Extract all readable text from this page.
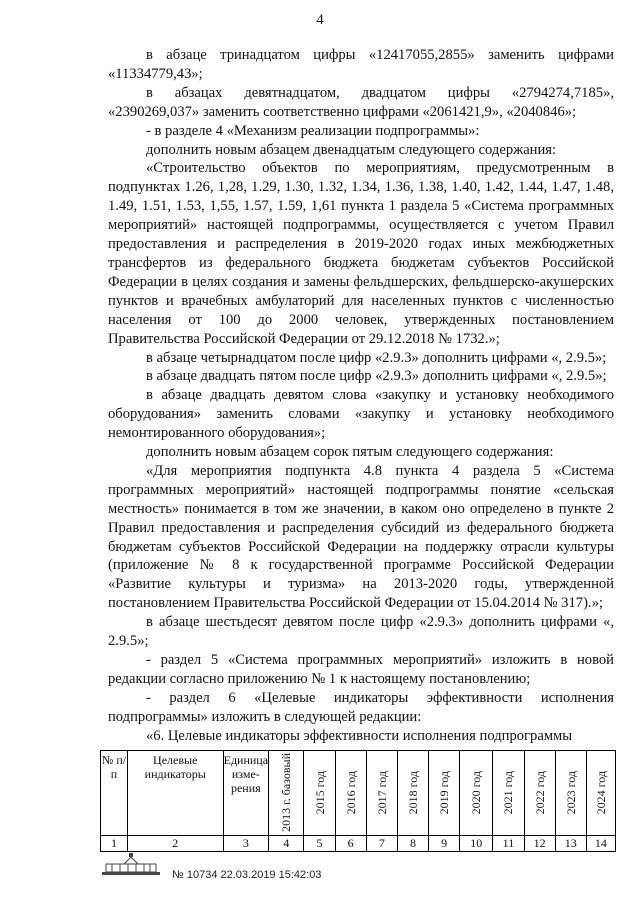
4

в абзаце тринадцатом цифры «12417055,2855» заменить цифрами «11334779,43»;

в абзацах девятнадцатом, двадцатом цифры «2794274,7185», «2390269,037» заменить соответственно цифрами «2061421,9», «2040846»;

- в разделе 4 «Механизм реализации подпрограммы»:

дополнить новым абзацем двенадцатым следующего содержания:

«Строительство объектов по мероприятиям, предусмотренным в подпунктах 1.26, 1,28, 1.29, 1.30, 1.32, 1.34, 1.36, 1.38, 1.40, 1.42, 1.44, 1.47, 1.48, 1.49, 1.51, 1.53, 1,55, 1.57, 1.59, 1,61 пункта 1 раздела 5 «Система программных мероприятий» настоящей подпрограммы, осуществляется с учетом Правил предоставления и распределения в 2019-2020 годах иных межбюджетных трансфертов из федерального бюджета бюджетам субъектов Российской Федерации в целях создания и замены фельдшерских, фельдшерско-акушерских пунктов и врачебных амбулаторий для населенных пунктов с численностью населения от 100 до 2000 человек, утвержденных постановлением Правительства Российской Федерации от 29.12.2018 № 1732.»;

в абзаце четырнадцатом после цифр «2.9.3» дополнить цифрами «, 2.9.5»;

в абзаце двадцать пятом после цифр «2.9.3» дополнить цифрами «, 2.9.5»;

в абзаце двадцать девятом слова «закупку и установку необходимого оборудования» заменить словами «закупку и установку необходимого немонтированного оборудования»;

дополнить новым абзацем сорок пятым следующего содержания:

«Для мероприятия подпункта 4.8 пункта 4 раздела 5 «Система программных мероприятий» настоящей подпрограммы понятие «сельская местность» понимается в том же значении, в каком оно определено в пункте 2 Правил предоставления и распределения субсидий из федерального бюджета бюджетам субъектов Российской Федерации на поддержку отрасли культуры (приложение № 8 к государственной программе Российской Федерации «Развитие культуры и туризма» на 2013-2020 годы, утвержденной постановлением Правительства Российской Федерации от 15.04.2014 № 317).»;

в абзаце шестьдесят девятом после цифр «2.9.3» дополнить цифрами «, 2.9.5»;

- раздел 5 «Система программных мероприятий» изложить в новой редакции согласно приложению № 1 к настоящему постановлению;

- раздел 6 «Целевые индикаторы эффективности исполнения подпрограммы» изложить в следующей редакции:

«6. Целевые индикаторы эффективности исполнения подпрограммы

№ п/п	Целевые индикаторы	Единица изме-рения	2013 г. базовый	2015 год	2016 год	2017 год	2018 год	2019 год	2020 год	2021 год	2022 год	2023 год	2024 год
1	2	3	4	5	6	7	8	9	10	11	12	13	14
№ 10734 22.03.2019 15:42:03
